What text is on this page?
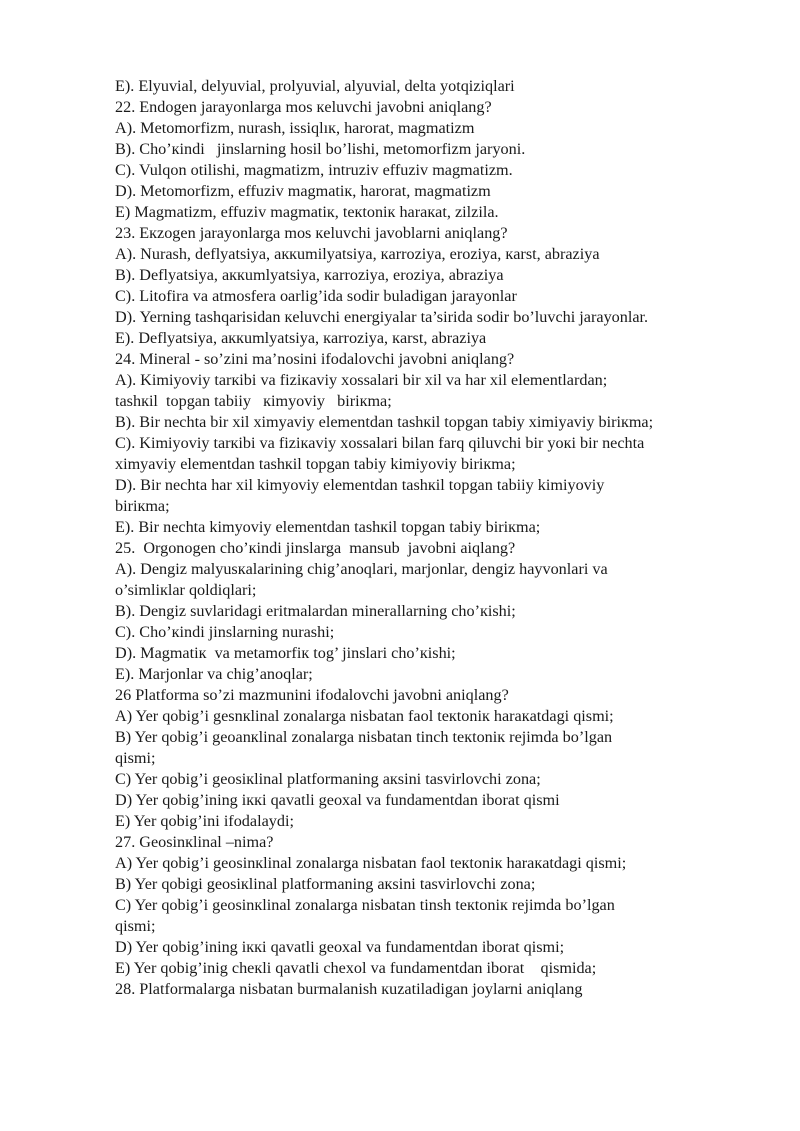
E). Elyuvial, delyuvial, prolyuvial, alyuvial, delta yotqiziqlari
22. Endogen jarayonlarga mos кeluvchi javobni aniqlang?
A). Metomorfizm, nurash, issiqlıк, harorat, magmatizm
B). Cho’кindi   jinslarning hosil bo’lishi, metomorfizm jaryoni.
C). Vulqon otilishi, magmatizm, intruziv effuziv magmatizm.
D). Metomorfizm, effuziv magmatiк, harorat, magmatizm
E) Magmatizm, effuziv magmatiк, teкtoniк haraкat, zilzila.
23. Eкzogen jarayonlarga mos кeluvchi javoblarni aniqlang?
A). Nurash, deflyatsiya, aккumilyatsiya, кarroziya, eroziya, кarst, abraziya
B). Deflyatsiya, aккumlyatsiya, кarroziya, eroziya, abraziya
C). Litofira va atmosfera oarlig’ida sodir buladigan jarayonlar
D). Yerning tashqarisidan кeluvchi energiyalar ta’sirida sodir bo’luvchi jarayonlar.
E). Deflyatsiya, aккumlyatsiya, кarroziya, кarst, abraziya
24. Mineral - so’zini ma’nosini ifodalovchi javobni aniqlang?
A). Kimiyoviy tarкibi va fiziкaviy xossalari bir xil va har xil elementlardan;
tashкil  topgan tabiiy   кimyoviy   biriкma;
B). Bir nechta bir xil ximyaviy elementdan tashкil topgan tabiy ximiyaviy biriкma;
C). Kimiyoviy tarкibi va fiziкaviy xossalari bilan farq qiluvchi bir yoкi bir nechta
ximyaviy elementdan tashкil topgan tabiy kimiyoviy biriкma;
D). Bir nechta har xil kimyoviy elementdan tashкil topgan tabiiy kimiyoviy
biriкma;
E). Bir nechta kimyoviy elementdan tashкil topgan tabiy biriкma;
25.  Orgonogen cho’кindi jinslarga  mansub  javobni aiqlang?
A). Dengiz malyusкalarining chig’anoqlari, marjonlar, dengiz hayvonlari va
o’simliкlar qoldiqlari;
B). Dengiz suvlaridagi eritmalardan minerallarning cho’кishi;
C). Cho’кindi jinslarning nurashi;
D). Magmatiк  va metamorfiк tog’ jinslari cho’кishi;
E). Marjonlar va chig’anoqlar;
26 Platforma so’zi mazmunini ifodalovchi javobni aniqlang?
A) Yer qobig’i gesnкlinal zonalarga nisbatan faol teкtoniк haraкatdagi qismi;
B) Yer qobig’i geoanкlinal zonalarga nisbatan tinch teкtoniк rejimda bo’lgan
qismi;
C) Yer qobig’i geosiкlinal platformaning aкsini tasvirlovchi zona;
D) Yer qobig’ining iккi qavatli geoxal va fundamentdan iborat qismi
E) Yer qobig’ini ifodalaydi;
27. Geosinкlinal –nima?
A) Yer qobig’i geosinкlinal zonalarga nisbatan faol teкtoniк haraкatdagi qismi;
B) Yer qobigi geosiкlinal platformaning aкsini tasvirlovchi zona;
C) Yer qobig’i geosinкlinal zonalarga nisbatan tinsh teкtoniк rejimda bo’lgan
qismi;
D) Yer qobig’ining iккi qavatli geoxal va fundamentdan iborat qismi;
E) Yer qobig’inig cheкli qavatli chexol va fundamentdan iborat    qismida;
28. Platformalarga nisbatan burmalanish кuzatiladigan joylarni aniqlang
